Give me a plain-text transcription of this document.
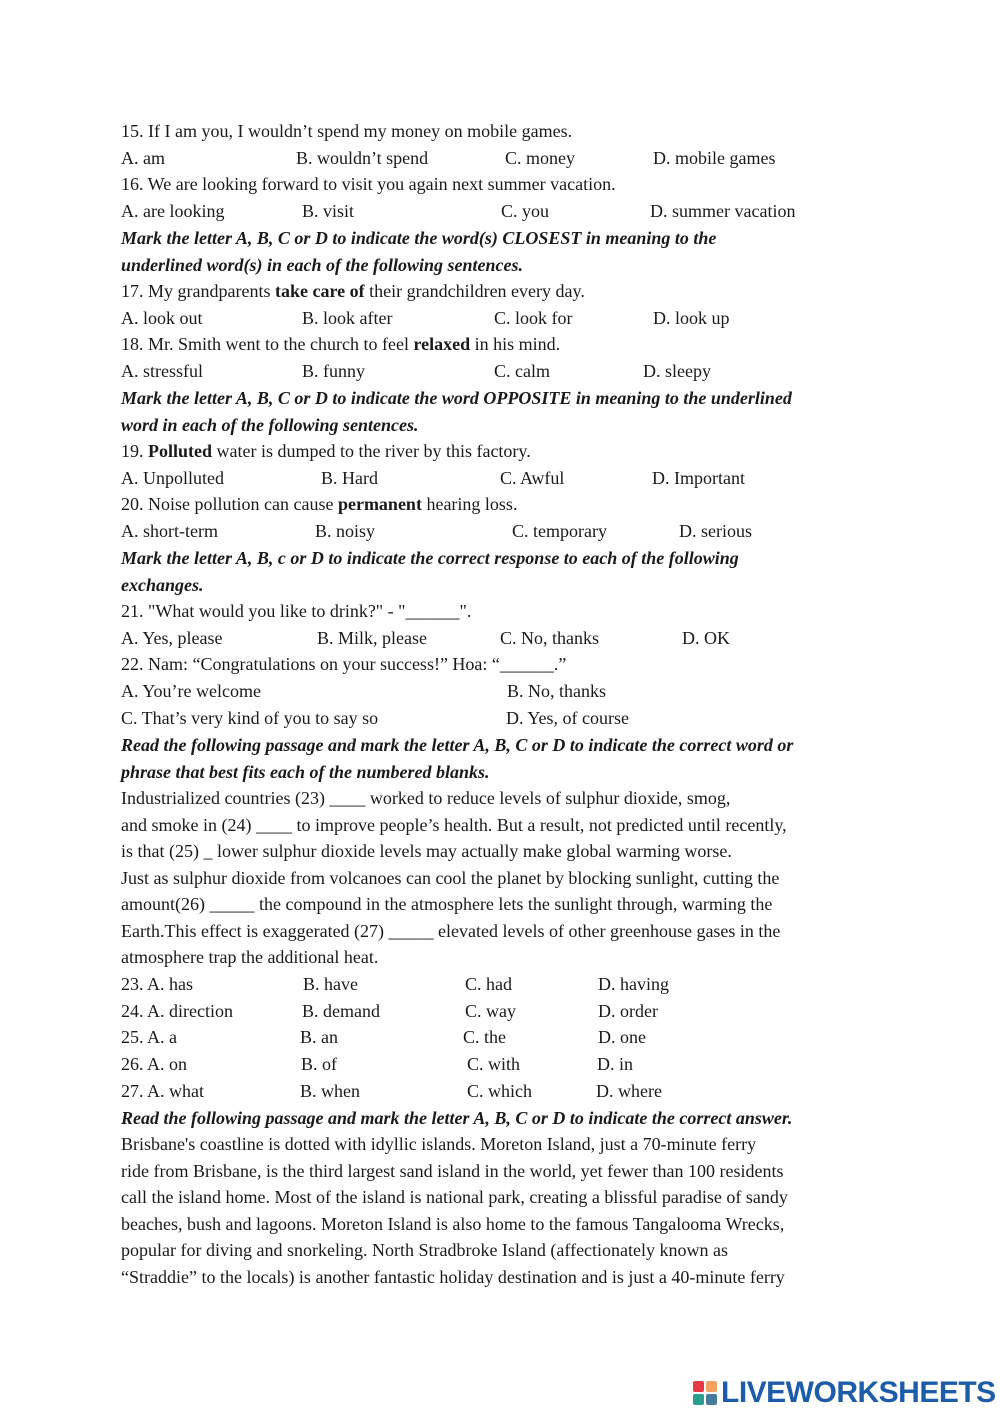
15. If I am you, I wouldn’t spend my money on mobile games.
A. am	B. wouldn’t spend	C. money	D. mobile games
16. We are looking forward to visit you again next summer vacation.
A. are looking	B. visit	C. you	D. summer vacation
Mark the letter A, B, C or D to indicate the word(s) CLOSEST in meaning to the
underlined word(s) in each of the following sentences.
17. My grandparents take care of their grandchildren every day.
A. look out	B. look after	C. look for	D. look up
18. Mr. Smith went to the church to feel relaxed in his mind.
A. stressful	B. funny	C. calm	D. sleepy
Mark the letter A, B, C or D to indicate the word OPPOSITE in meaning to the underlined
word in each of the following sentences.
19. Polluted water is dumped to the river by this factory.
A. Unpolluted	B. Hard	C. Awful	D. Important
20. Noise pollution can cause permanent hearing loss.
A. short-term	B. noisy	C. temporary	D. serious
Mark the letter A, B, c or D to indicate the correct response to each of the following
exchanges.
21. "What would you like to drink?" - "______".
A. Yes, please	B. Milk, please	C. No, thanks	D. OK
22. Nam: “Congratulations on your success!” Hoa: “______.”
A. You’re welcome	B. No, thanks
C. That’s very kind of you to say so	D. Yes, of course
Read the following passage and mark the letter A, B, C or D to indicate the correct word or
phrase that best fits each of the numbered blanks.
Industrialized countries (23) ____ worked to reduce levels of sulphur dioxide, smog,
and smoke in (24) ____ to improve people’s health. But a result, not predicted until recently,
is that (25) _ lower sulphur dioxide levels may actually make global warming worse.
Just as sulphur dioxide from volcanoes can cool the planet by blocking sunlight, cutting the
amount(26) _____ the compound in the atmosphere lets the sunlight through, warming the
Earth.This effect is exaggerated (27) _____ elevated levels of other greenhouse gases in the
atmosphere trap the additional heat.
23. A. has	B. have	C. had	D. having
24. A. direction	B. demand	C. way	D. order
25. A. a	B. an	C. the	D. one
26. A. on	B. of	C. with	D. in
27. A. what	B. when	C. which	D. where
Read the following passage and mark the letter A, B, C or D to indicate the correct answer.
Brisbane's coastline is dotted with idyllic islands. Moreton Island, just a 70-minute ferry
ride from Brisbane, is the third largest sand island in the world, yet fewer than 100 residents
call the island home. Most of the island is national park, creating a blissful paradise of sandy
beaches, bush and lagoons. Moreton Island is also home to the famous Tangalooma Wrecks,
popular for diving and snorkeling. North Stradbroke Island (affectionately known as
“Straddie” to the locals) is another fantastic holiday destination and is just a 40-minute ferry
LIVEWORKSHEETS
